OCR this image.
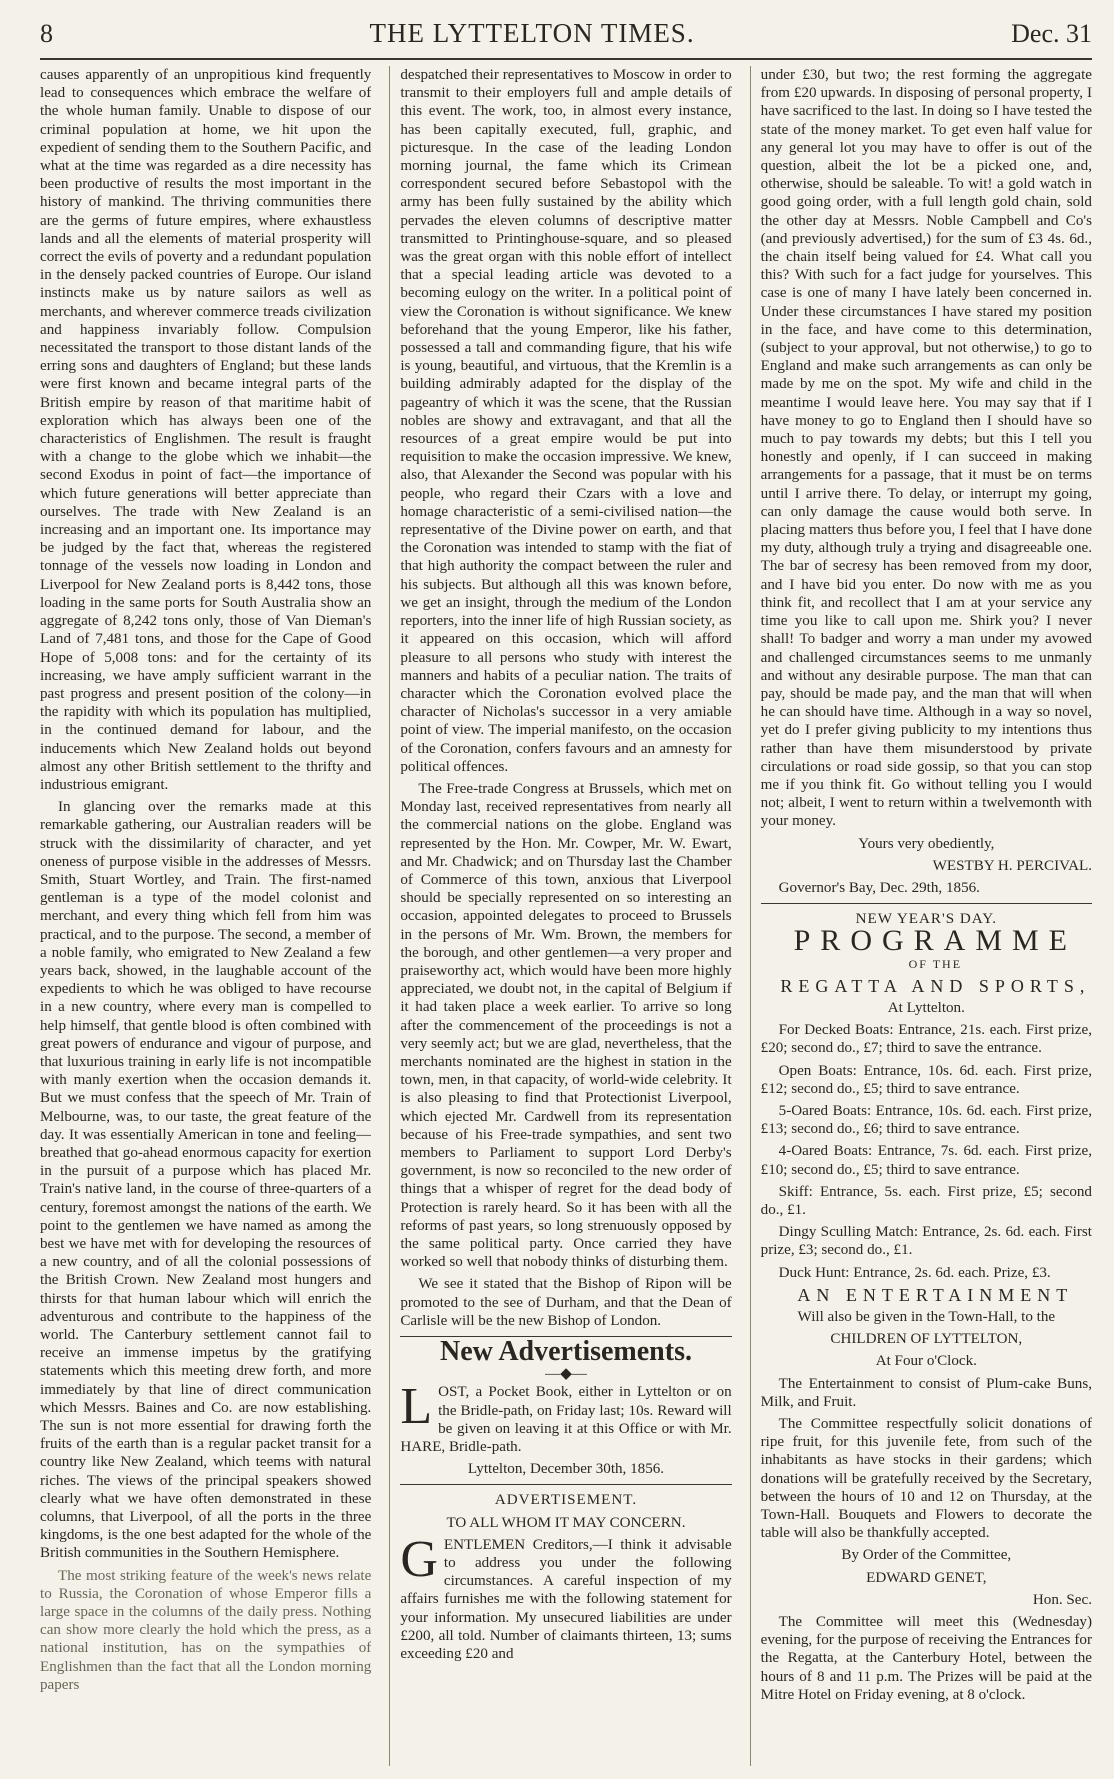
8	THE LYTTELTON TIMES.	Dec. 31

causes apparently of an unpropitious kind frequently lead to consequences which embrace the welfare of the whole human family. Unable to dispose of our criminal population at home, we hit upon the expedient of sending them to the Southern Pacific, and what at the time was regarded as a dire necessity has been productive of results the most important in the history of mankind. The thriving communities there are the germs of future empires, where exhaustless lands and all the elements of material prosperity will correct the evils of poverty and a redundant population in the densely packed countries of Europe. Our island instincts make us by nature sailors as well as merchants, and wherever commerce treads civilization and happiness invariably follow. Compulsion necessitated the transport to those distant lands of the erring sons and daughters of England; but these lands were first known and became integral parts of the British empire by reason of that maritime habit of exploration which has always been one of the characteristics of Englishmen. The result is fraught with a change to the globe which we inhabit—the second Exodus in point of fact—the importance of which future generations will better appreciate than ourselves. The trade with New Zealand is an increasing and an important one. Its importance may be judged by the fact that, whereas the registered tonnage of the vessels now loading in London and Liverpool for New Zealand ports is 8,442 tons, those loading in the same ports for South Australia show an aggregate of 8,242 tons only, those of Van Dieman's Land of 7,481 tons, and those for the Cape of Good Hope of 5,008 tons: and for the certainty of its increasing, we have amply sufficient warrant in the past progress and present position of the colony—in the rapidity with which its population has multiplied, in the continued demand for labour, and the inducements which New Zealand holds out beyond almost any other British settlement to the thrifty and industrious emigrant.

In glancing over the remarks made at this remarkable gathering, our Australian readers will be struck with the dissimilarity of character, and yet oneness of purpose visible in the addresses of Messrs. Smith, Stuart Wortley, and Train. The first-named gentleman is a type of the model colonist and merchant, and every thing which fell from him was practical, and to the purpose. The second, a member of a noble family, who emigrated to New Zealand a few years back, showed, in the laughable account of the expedients to which he was obliged to have recourse in a new country, where every man is compelled to help himself, that gentle blood is often combined with great powers of endurance and vigour of purpose, and that luxurious training in early life is not incompatible with manly exertion when the occasion demands it. But we must confess that the speech of Mr. Train of Melbourne, was, to our taste, the great feature of the day. It was essentially American in tone and feeling—breathed that go-ahead enormous capacity for exertion in the pursuit of a purpose which has placed Mr. Train's native land, in the course of three-quarters of a century, foremost amongst the nations of the earth. We point to the gentlemen we have named as among the best we have met with for developing the resources of a new country, and of all the colonial possessions of the British Crown. New Zealand most hungers and thirsts for that human labour which will enrich the adventurous and contribute to the happiness of the world. The Canterbury settlement cannot fail to receive an immense impetus by the gratifying statements which this meeting drew forth, and more immediately by that line of direct communication which Messrs. Baines and Co. are now establishing. The sun is not more essential for drawing forth the fruits of the earth than is a regular packet transit for a country like New Zealand, which teems with natural riches. The views of the principal speakers showed clearly what we have often demonstrated in these columns, that Liverpool, of all the ports in the three kingdoms, is the one best adapted for the whole of the British communities in the Southern Hemisphere.

The most striking feature of the week's news relate to Russia, the Coronation of whose Emperor fills a large space in the columns of the daily press. Nothing can show more clearly the hold which the press, as a national institution, has on the sympathies of Englishmen than the fact that all the London morning papers

despatched their representatives to Moscow in order to transmit to their employers full and ample details of this event. The work, too, in almost every instance, has been capitally executed, full, graphic, and picturesque. In the case of the leading London morning journal, the fame which its Crimean correspondent secured before Sebastopol with the army has been fully sustained by the ability which pervades the eleven columns of descriptive matter transmitted to Printinghouse-square, and so pleased was the great organ with this noble effort of intellect that a special leading article was devoted to a becoming eulogy on the writer. In a political point of view the Coronation is without significance. We knew beforehand that the young Emperor, like his father, possessed a tall and commanding figure, that his wife is young, beautiful, and virtuous, that the Kremlin is a building admirably adapted for the display of the pageantry of which it was the scene, that the Russian nobles are showy and extravagant, and that all the resources of a great empire would be put into requisition to make the occasion impressive. We knew, also, that Alexander the Second was popular with his people, who regard their Czars with a love and homage characteristic of a semi-civilised nation—the representative of the Divine power on earth, and that the Coronation was intended to stamp with the fiat of that high authority the compact between the ruler and his subjects. But although all this was known before, we get an insight, through the medium of the London reporters, into the inner life of high Russian society, as it appeared on this occasion, which will afford pleasure to all persons who study with interest the manners and habits of a peculiar nation. The traits of character which the Coronation evolved place the character of Nicholas's successor in a very amiable point of view. The imperial manifesto, on the occasion of the Coronation, confers favours and an amnesty for political offences.

The Free-trade Congress at Brussels, which met on Monday last, received representatives from nearly all the commercial nations on the globe. England was represented by the Hon. Mr. Cowper, Mr. W. Ewart, and Mr. Chadwick; and on Thursday last the Chamber of Commerce of this town, anxious that Liverpool should be specially represented on so interesting an occasion, appointed delegates to proceed to Brussels in the persons of Mr. Wm. Brown, the members for the borough, and other gentlemen—a very proper and praiseworthy act, which would have been more highly appreciated, we doubt not, in the capital of Belgium if it had taken place a week earlier. To arrive so long after the commencement of the proceedings is not a very seemly act; but we are glad, nevertheless, that the merchants nominated are the highest in station in the town, men, in that capacity, of world-wide celebrity. It is also pleasing to find that Protectionist Liverpool, which ejected Mr. Cardwell from its representation because of his Free-trade sympathies, and sent two members to Parliament to support Lord Derby's government, is now so reconciled to the new order of things that a whisper of regret for the dead body of Protection is rarely heard. So it has been with all the reforms of past years, so long strenuously opposed by the same political party. Once carried they have worked so well that nobody thinks of disturbing them.

We see it stated that the Bishop of Ripon will be promoted to the see of Durham, and that the Dean of Carlisle will be the new Bishop of London.

New Advertisements.
—◆—

LOST, a Pocket Book, either in Lyttelton or on the Bridle-path, on Friday last; 10s. Reward will be given on leaving it at this Office or with Mr. HARE, Bridle-path.

Lyttelton, December 30th, 1856.

ADVERTISEMENT.

TO ALL WHOM IT MAY CONCERN.

GENTLEMEN Creditors,—I think it advisable to address you under the following circumstances. A careful inspection of my affairs furnishes me with the following statement for your information. My unsecured liabilities are under £200, all told. Number of claimants thirteen, 13; sums exceeding £20 and

under £30, but two; the rest forming the aggregate from £20 upwards. In disposing of personal property, I have sacrificed to the last. In doing so I have tested the state of the money market. To get even half value for any general lot you may have to offer is out of the question, albeit the lot be a picked one, and, otherwise, should be saleable. To wit! a gold watch in good going order, with a full length gold chain, sold the other day at Messrs. Noble Campbell and Co's (and previously advertised,) for the sum of £3 4s. 6d., the chain itself being valued for £4. What call you this? With such for a fact judge for yourselves. This case is one of many I have lately been concerned in. Under these circumstances I have stared my position in the face, and have come to this determination, (subject to your approval, but not otherwise,) to go to England and make such arrangements as can only be made by me on the spot. My wife and child in the meantime I would leave here. You may say that if I have money to go to England then I should have so much to pay towards my debts; but this I tell you honestly and openly, if I can succeed in making arrangements for a passage, that it must be on terms until I arrive there. To delay, or interrupt my going, can only damage the cause would both serve. In placing matters thus before you, I feel that I have done my duty, although truly a trying and disagreeable one. The bar of secresy has been removed from my door, and I have bid you enter. Do now with me as you think fit, and recollect that I am at your service any time you like to call upon me. Shirk you? I never shall! To badger and worry a man under my avowed and challenged circumstances seems to me unmanly and without any desirable purpose. The man that can pay, should be made pay, and the man that will when he can should have time. Although in a way so novel, yet do I prefer giving publicity to my intentions thus rather than have them misunderstood by private circulations or road side gossip, so that you can stop me if you think fit. Go without telling you I would not; albeit, I went to return within a twelvemonth with your money.

Yours very obediently,

WESTBY H. PERCIVAL.

Governor's Bay, Dec. 29th, 1856.

NEW YEAR'S DAY.

PROGRAMME

OF THE

REGATTA AND SPORTS,

At Lyttelton.

For Decked Boats: Entrance, 21s. each. First prize, £20; second do., £7; third to save the entrance.

Open Boats: Entrance, 10s. 6d. each. First prize, £12; second do., £5; third to save entrance.

5-Oared Boats: Entrance, 10s. 6d. each. First prize, £13; second do., £6; third to save entrance.

4-Oared Boats: Entrance, 7s. 6d. each. First prize, £10; second do., £5; third to save entrance.

Skiff: Entrance, 5s. each. First prize, £5; second do., £1.

Dingy Sculling Match: Entrance, 2s. 6d. each. First prize, £3; second do., £1.

Duck Hunt: Entrance, 2s. 6d. each. Prize, £3.

AN ENTERTAINMENT

Will also be given in the Town-Hall, to the

CHILDREN OF LYTTELTON,

At Four o'Clock.

The Entertainment to consist of Plum-cake Buns, Milk, and Fruit.

The Committee respectfully solicit donations of ripe fruit, for this juvenile fete, from such of the inhabitants as have stocks in their gardens; which donations will be gratefully received by the Secretary, between the hours of 10 and 12 on Thursday, at the Town-Hall. Bouquets and Flowers to decorate the table will also be thankfully accepted.

By Order of the Committee,

EDWARD GENET,

Hon. Sec.

The Committee will meet this (Wednesday) evening, for the purpose of receiving the Entrances for the Regatta, at the Canterbury Hotel, between the hours of 8 and 11 p.m. The Prizes will be paid at the Mitre Hotel on Friday evening, at 8 o'clock.
